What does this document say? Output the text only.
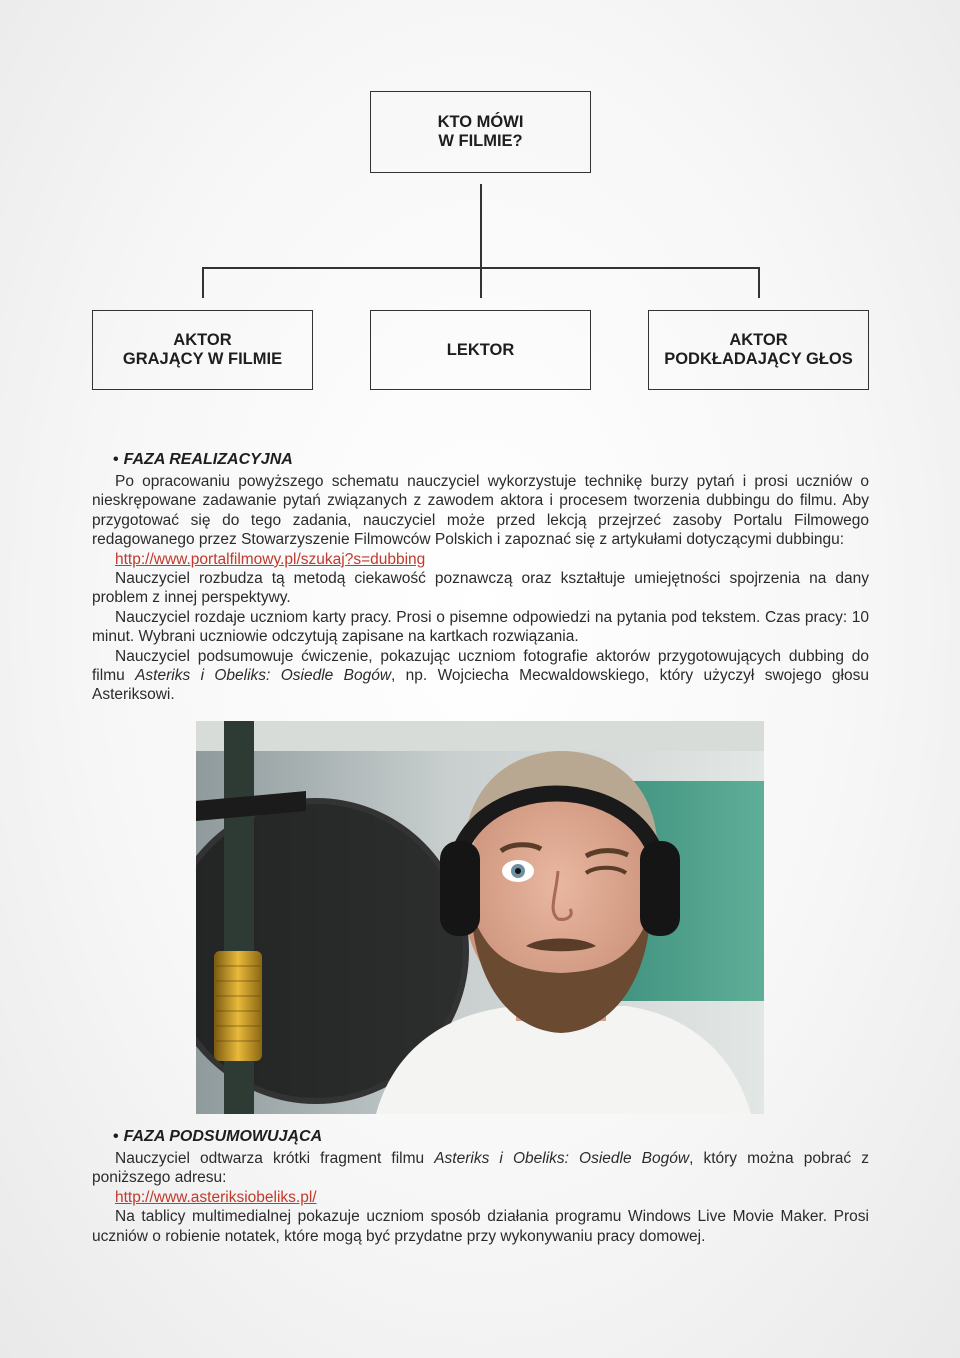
KTO MÓWI
W FILMIE?
AKTOR
GRAJĄCY W FILMIE
LEKTOR
AKTOR
PODKŁADAJĄCY GŁOS
• FAZA REALIZACYJNA

Po opracowaniu powyższego schematu nauczyciel wykorzystuje technikę burzy pytań i prosi uczniów o nieskrępowane zadawanie pytań związanych z zawodem aktora i procesem tworzenia dubbingu do filmu. Aby przygotować się do tego zadania, nauczyciel może przed lekcją przejrzeć zasoby Portalu Filmowego redagowanego przez Stowarzyszenie Filmowców Polskich i zapoznać się z artykułami dotyczącymi dubbingu:

http://www.portalfilmowy.pl/szukaj?s=dubbing

Nauczyciel rozbudza tą metodą ciekawość poznawczą oraz kształtuje umiejętności spojrzenia na dany problem z innej perspektywy.

Nauczyciel rozdaje uczniom karty pracy. Prosi o pisemne odpowiedzi na pytania pod tekstem. Czas pracy: 10 minut. Wybrani uczniowie odczytują zapisane na kartkach rozwiązania.

Nauczyciel podsumowuje ćwiczenie, pokazując uczniom fotografie aktorów przygotowujących dubbing do filmu Asteriks i Obeliks: Osiedle Bogów, np. Wojciecha Mecwaldowskiego, który użyczył swojego głosu Asteriksowi.

• FAZA PODSUMOWUJĄCA

Nauczyciel odtwarza krótki fragment filmu Asteriks i Obeliks: Osiedle Bogów, który można pobrać z poniższego adresu:

http://www.asteriksiobeliks.pl/

Na tablicy multimedialnej pokazuje uczniom sposób działania programu Windows Live Movie Maker. Prosi uczniów o robienie notatek, które mogą być przydatne przy wykonywaniu pracy domowej.
